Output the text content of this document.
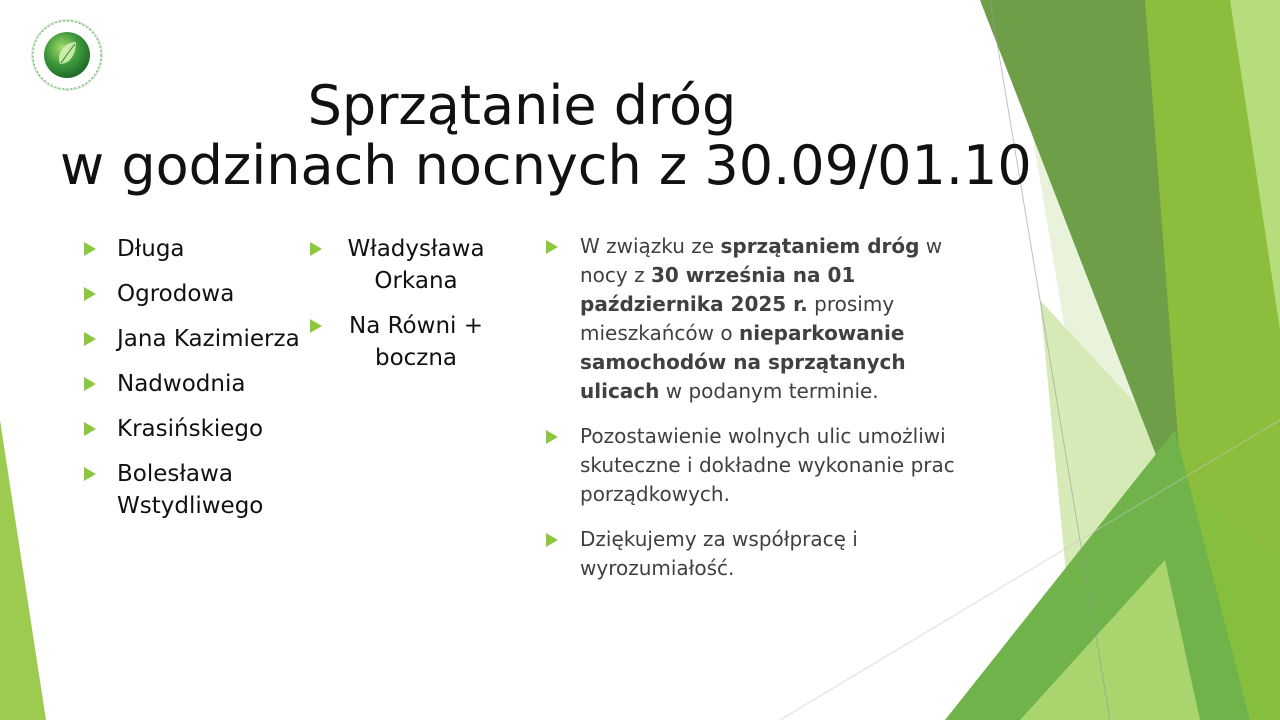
Sprzątanie dróg
w godzinach nocnych z 30.09/01.10
Długa
Ogrodowa
Jana Kazimierza
Nadwodnia
Krasińskiego
Bolesława Wstydliwego
Władysława Orkana
Na Równi + boczna
W związku ze sprzątaniem dróg w nocy z 30 września na 01 października 2025 r. prosimy mieszkańców o nieparkowanie samochodów na sprzątanych ulicach w podanym terminie.
Pozostawienie wolnych ulic umożliwi skuteczne i dokładne wykonanie prac porządkowych.
Dziękujemy za współpracę i wyrozumiałość.
